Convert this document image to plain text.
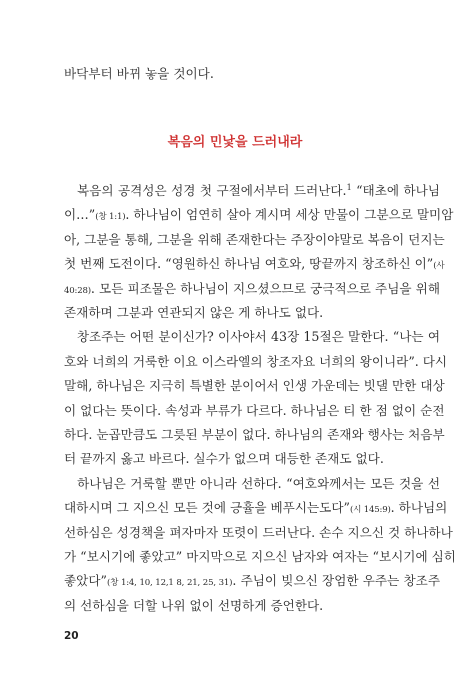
바닥부터 바뀌 놓을 것이다.
복음의 민낯을 드러내라
　복음의 공격성은 성경 첫 구절에서부터 드러난다.$^1$ “태초에 하나님
이…”(창 1:1). 하나님이 엄연히 살아 계시며 세상 만물이 그분으로 말미암
아, 그분을 통해, 그분을 위해 존재한다는 주장이야말로 복음이 던지는
첫 번째 도전이다. “영원하신 하나님 여호와, 땅끝까지 창조하신 이”(사
40:28). 모든 피조물은 하나님이 지으셨으므로 궁극적으로 주님을 위해
존재하며 그분과 연관되지 않은 게 하나도 없다.
　창조주는 어떤 분이신가? 이사야서 43장 15절은 말한다. “나는 여
호와 너희의 거룩한 이요 이스라엘의 창조자요 너희의 왕이니라”. 다시
말해, 하나님은 지극히 특별한 분이어서 인생 가운데는 빗댈 만한 대상
이 없다는 뜻이다. 속성과 부류가 다르다. 하나님은 티 한 점 없이 순전
하다. 눈곱만큼도 그릇된 부분이 없다. 하나님의 존재와 행사는 처음부
터 끝까지 옳고 바르다. 실수가 없으며 대등한 존재도 없다.
　하나님은 거룩할 뿐만 아니라 선하다. “여호와께서는 모든 것을 선
대하시며 그 지으신 모든 것에 긍휼을 베푸시는도다”(시 145:9). 하나님의
선하심은 성경책을 펴자마자 또렷이 드러난다. 손수 지으신 것 하나하나
가 “보시기에 좋았고” 마지막으로 지으신 남자와 여자는 “보시기에 심히
좋았다”(창 1:4, 10, 12,1 8, 21, 25, 31). 주님이 빚으신 장엄한 우주는 창조주
의 선하심을 더할 나위 없이 선명하게 증언한다.
20
